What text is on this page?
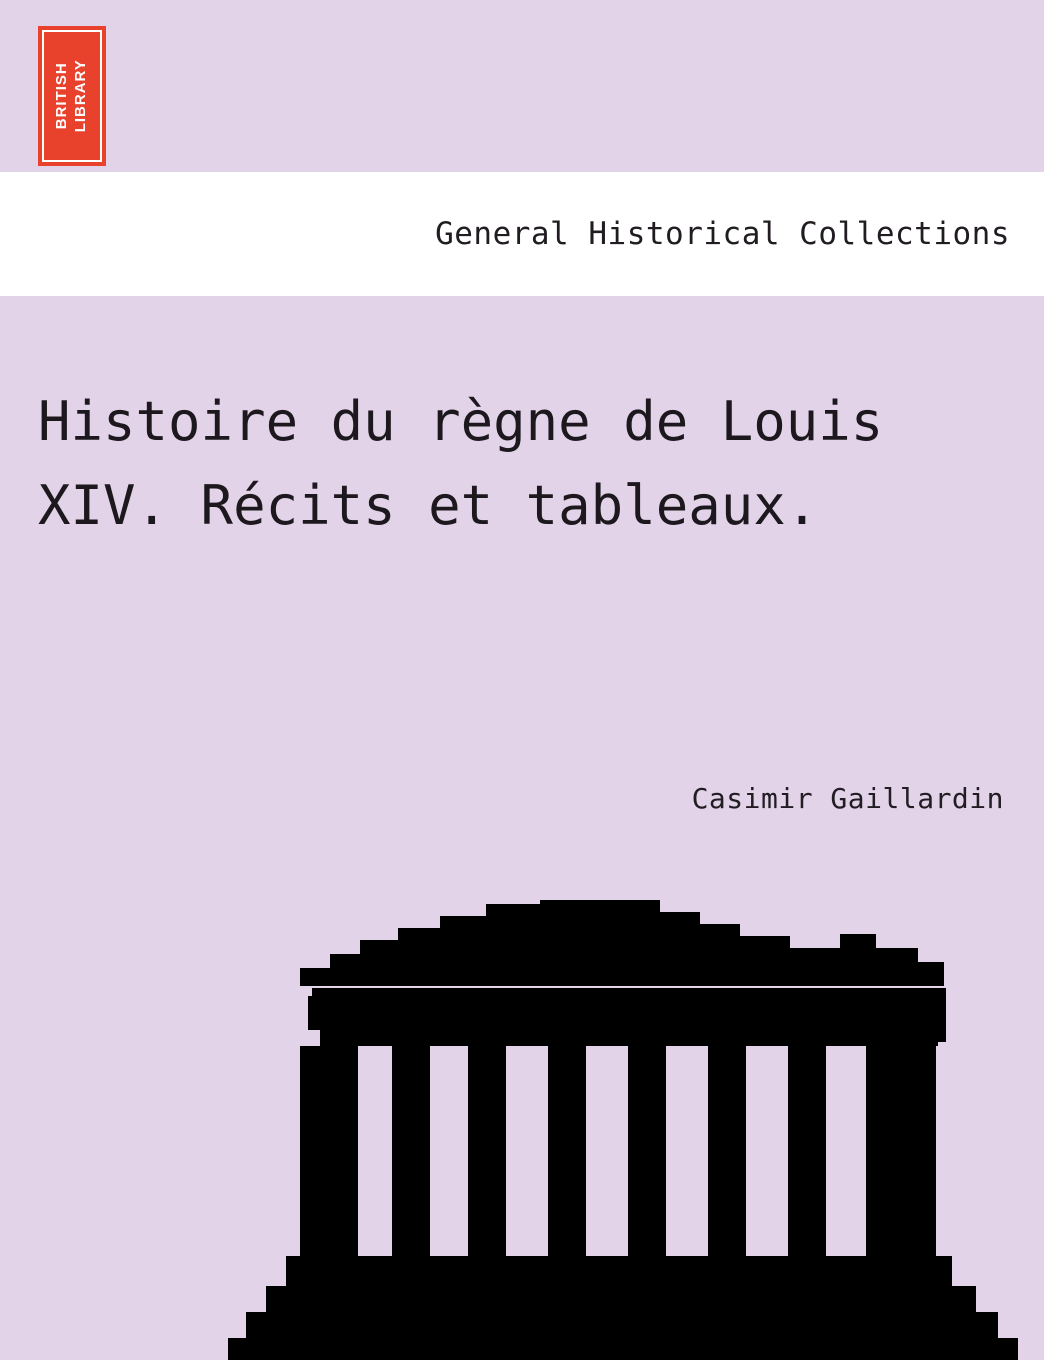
BRITISH LIBRARY
General Historical Collections
Histoire du règne de Louis XIV. Récits et tableaux.
Casimir Gaillardin
